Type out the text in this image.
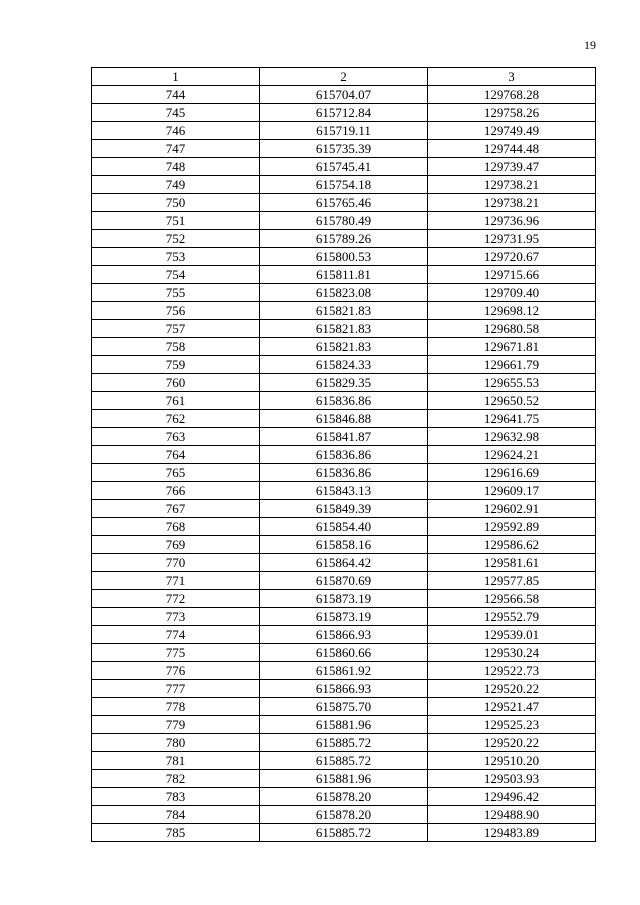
19
1	2	3
744	615704.07	129768.28
745	615712.84	129758.26
746	615719.11	129749.49
747	615735.39	129744.48
748	615745.41	129739.47
749	615754.18	129738.21
750	615765.46	129738.21
751	615780.49	129736.96
752	615789.26	129731.95
753	615800.53	129720.67
754	615811.81	129715.66
755	615823.08	129709.40
756	615821.83	129698.12
757	615821.83	129680.58
758	615821.83	129671.81
759	615824.33	129661.79
760	615829.35	129655.53
761	615836.86	129650.52
762	615846.88	129641.75
763	615841.87	129632.98
764	615836.86	129624.21
765	615836.86	129616.69
766	615843.13	129609.17
767	615849.39	129602.91
768	615854.40	129592.89
769	615858.16	129586.62
770	615864.42	129581.61
771	615870.69	129577.85
772	615873.19	129566.58
773	615873.19	129552.79
774	615866.93	129539.01
775	615860.66	129530.24
776	615861.92	129522.73
777	615866.93	129520.22
778	615875.70	129521.47
779	615881.96	129525.23
780	615885.72	129520.22
781	615885.72	129510.20
782	615881.96	129503.93
783	615878.20	129496.42
784	615878.20	129488.90
785	615885.72	129483.89
